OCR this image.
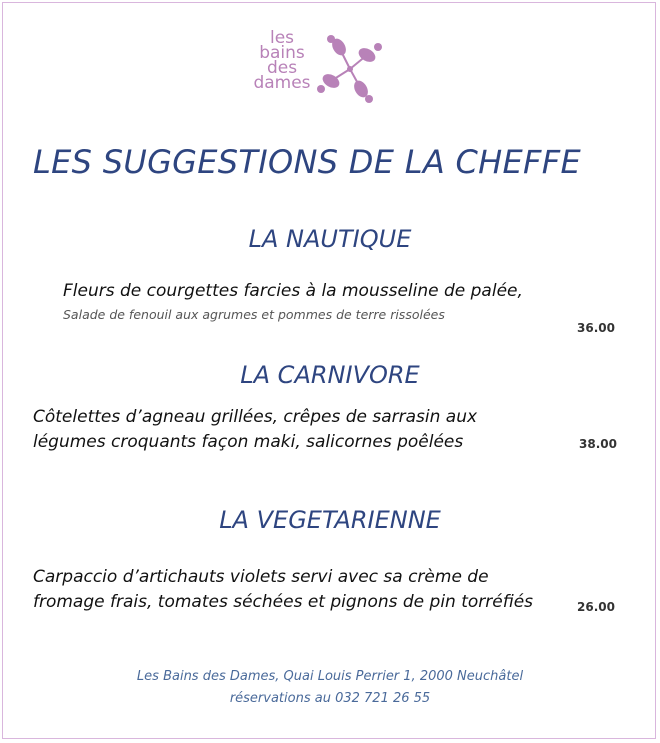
les
bains
des
dames
LES SUGGESTIONS DE LA CHEFFE
LA NAUTIQUE
Fleurs de courgettes farcies à la mousseline de palée,
Salade de fenouil aux agrumes et pommes de terre rissolées
36.00
LA CARNIVORE
Côtelettes d’agneau grillées, crêpes de sarrasin aux
légumes croquants façon maki, salicornes poêlées	38.00
LA VEGETARIENNE
Carpaccio d’artichauts violets servi avec sa crème de
fromage frais, tomates séchées et pignons de pin torréfiés	26.00
Les Bains des Dames, Quai Louis Perrier 1, 2000 Neuchâtel
réservations au 032 721 26 55
